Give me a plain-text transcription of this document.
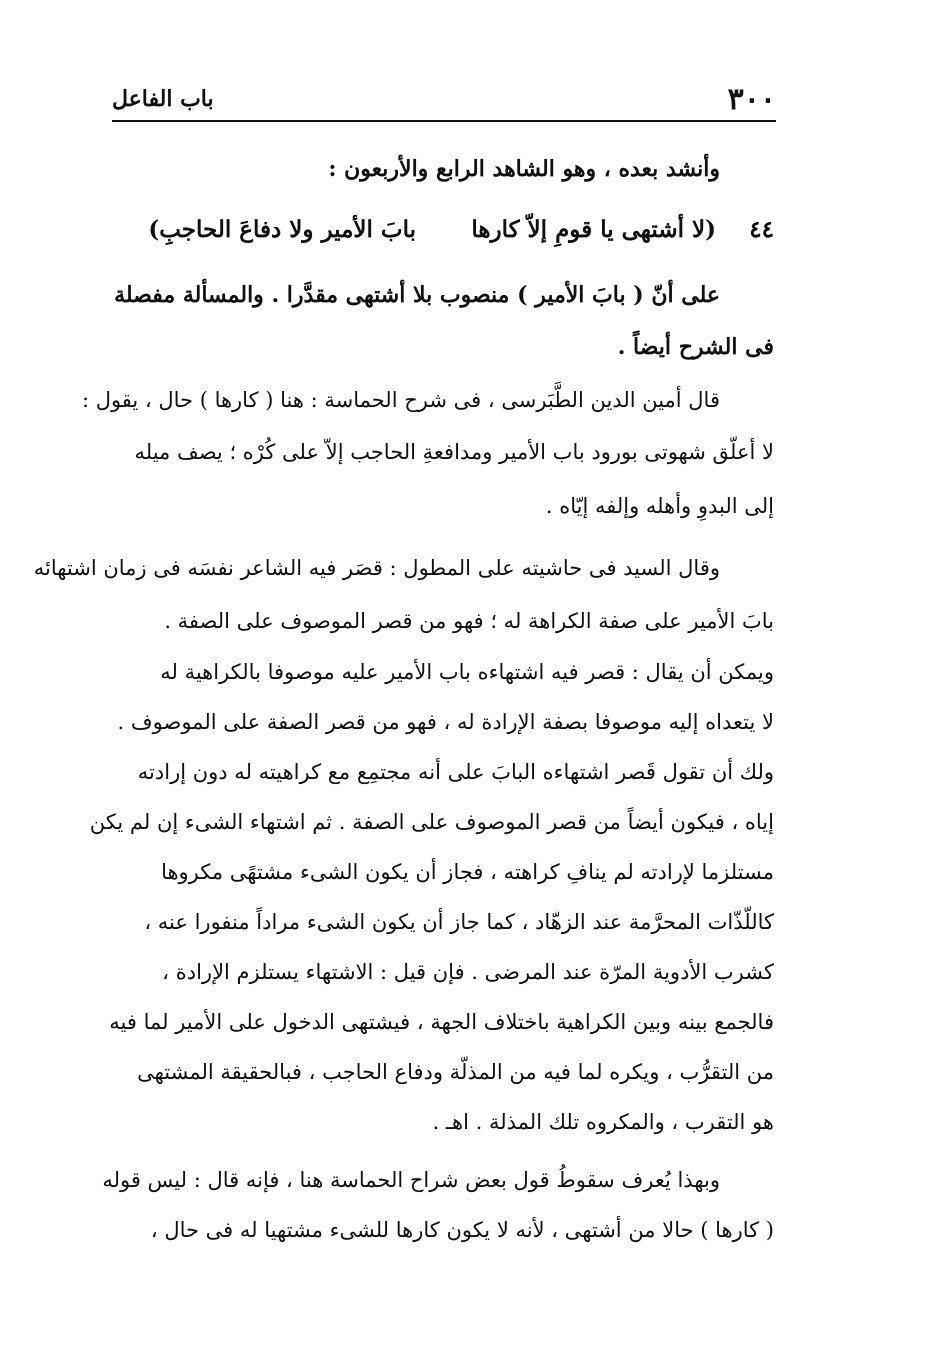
٣٠٠
باب الفاعل
وأنشد بعده ، وهو الشاهد الرابع والأربعون :
٤٤
(لا أشتهى يا قومِ إلاّ كارها
بابَ الأمير ولا دفاعَ الحاجبِ)
على أنّ ( بابَ الأمير ) منصوب بلا أشتهى مقدَّرا . والمسألة مفصلة
فى الشرح أيضاً .
قال أمين الدين الطَّبَرسى ، فى شرح الحماسة : هنا ( كارها ) حال ، يقول :
لا أعلّق شهوتى بورود باب الأمير ومدافعةِ الحاجب إلاّ على كُرْه ؛ يصف ميله
إلى البدوِ وأهله وإلفه إيّاه .
وقال السيد فى حاشيته على المطول : قصَر فيه الشاعر نفسَه فى زمان اشتهائه
بابَ الأمير على صفة الكراهة له ؛ فهو من قصر الموصوف على الصفة .
ويمكن أن يقال : قصر فيه اشتهاءه باب الأمير عليه موصوفا بالكراهية له
لا يتعداه إليه موصوفا بصفة الإرادة له ، فهو من قصر الصفة على الموصوف .
ولك أن تقول قَصر اشتهاءه البابَ على أنه مجتمِع مع كراهيته له دون إرادته
إياه ، فيكون أيضاً من قصر الموصوف على الصفة . ثم اشتهاء الشىء إن لم يكن
مستلزما لإرادته لم ينافِ كراهته ، فجاز أن يكون الشىء مشتهًى مكروها
كاللّذّات المحرَّمة عند الزهّاد ، كما جاز أن يكون الشىء مراداً منفورا عنه ،
كشرب الأدوية المرّة عند المرضى . فإن قيل : الاشتهاء يستلزم الإرادة ،
فالجمع بينه وبين الكراهية باختلاف الجهة ، فيشتهى الدخول على الأمير لما فيه
من التقرُّب ، ويكره لما فيه من المذلّة ودفاع الحاجب ، فبالحقيقة المشتهى
هو التقرب ، والمكروه تلك المذلة . اهـ .
وبهذا يُعرف سقوطُ قول بعض شراح الحماسة هنا ، فإنه قال : ليس قوله
( كارها ) حالا من أشتهى ، لأنه لا يكون كارها للشىء مشتهيا له فى حال ،
